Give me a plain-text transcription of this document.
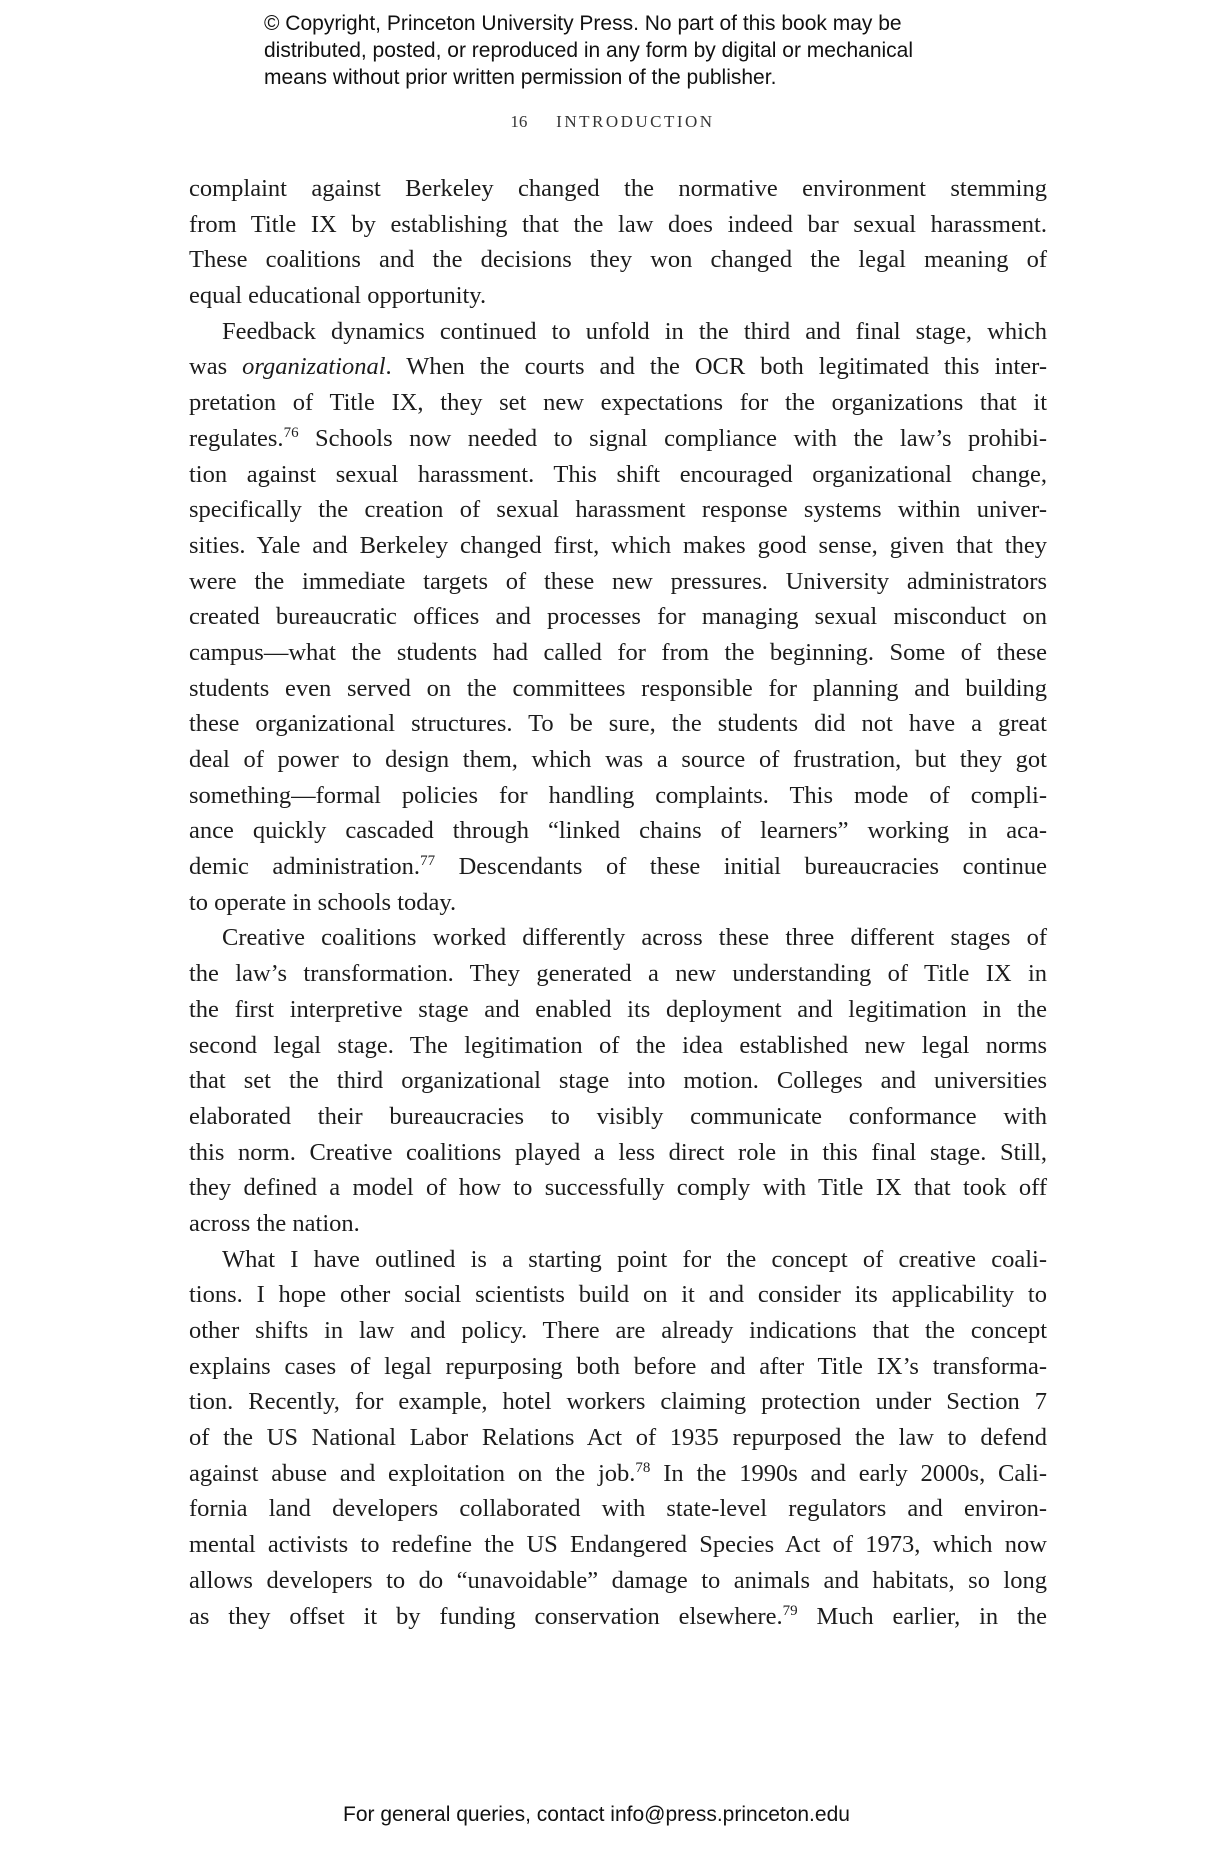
© Copyright, Princeton University Press. No part of this book may be
distributed, posted, or reproduced in any form by digital or mechanical
means without prior written permission of the publisher.
16 INTRODUCTION
complaint against Berkeley changed the normative environment stemming
from Title IX by establishing that the law does indeed bar sexual harassment.
These coalitions and the decisions they won changed the legal meaning of
equal educational opportunity.
Feedback dynamics continued to unfold in the third and final stage, which
was organizational. When the courts and the OCR both legitimated this inter-
pretation of Title IX, they set new expectations for the organizations that it
regulates.$^{76}$ Schools now needed to signal compliance with the law’s prohibi-
tion against sexual harassment. This shift encouraged organizational change,
specifically the creation of sexual harassment response systems within univer-
sities. Yale and Berkeley changed first, which makes good sense, given that they
were the immediate targets of these new pressures. University administrators
created bureaucratic offices and processes for managing sexual misconduct on
campus—what the students had called for from the beginning. Some of these
students even served on the committees responsible for planning and building
these organizational structures. To be sure, the students did not have a great
deal of power to design them, which was a source of frustration, but they got
something—formal policies for handling complaints. This mode of compli-
ance quickly cascaded through “linked chains of learners” working in aca-
demic administration.$^{77}$ Descendants of these initial bureaucracies continue
to operate in schools today.
Creative coalitions worked differently across these three different stages of
the law’s transformation. They generated a new understanding of Title IX in
the first interpretive stage and enabled its deployment and legitimation in the
second legal stage. The legitimation of the idea established new legal norms
that set the third organizational stage into motion. Colleges and universities
elaborated their bureaucracies to visibly communicate conformance with
this norm. Creative coalitions played a less direct role in this final stage. Still,
they defined a model of how to successfully comply with Title IX that took off
across the nation.
What I have outlined is a starting point for the concept of creative coali-
tions. I hope other social scientists build on it and consider its applicability to
other shifts in law and policy. There are already indications that the concept
explains cases of legal repurposing both before and after Title IX’s transforma-
tion. Recently, for example, hotel workers claiming protection under Section 7
of the US National Labor Relations Act of 1935 repurposed the law to defend
against abuse and exploitation on the job.$^{78}$ In the 1990s and early 2000s, Cali-
fornia land developers collaborated with state-level regulators and environ-
mental activists to redefine the US Endangered Species Act of 1973, which now
allows developers to do “unavoidable” damage to animals and habitats, so long
as they offset it by funding conservation elsewhere.$^{79}$ Much earlier, in the
For general queries, contact info@press.princeton.edu
